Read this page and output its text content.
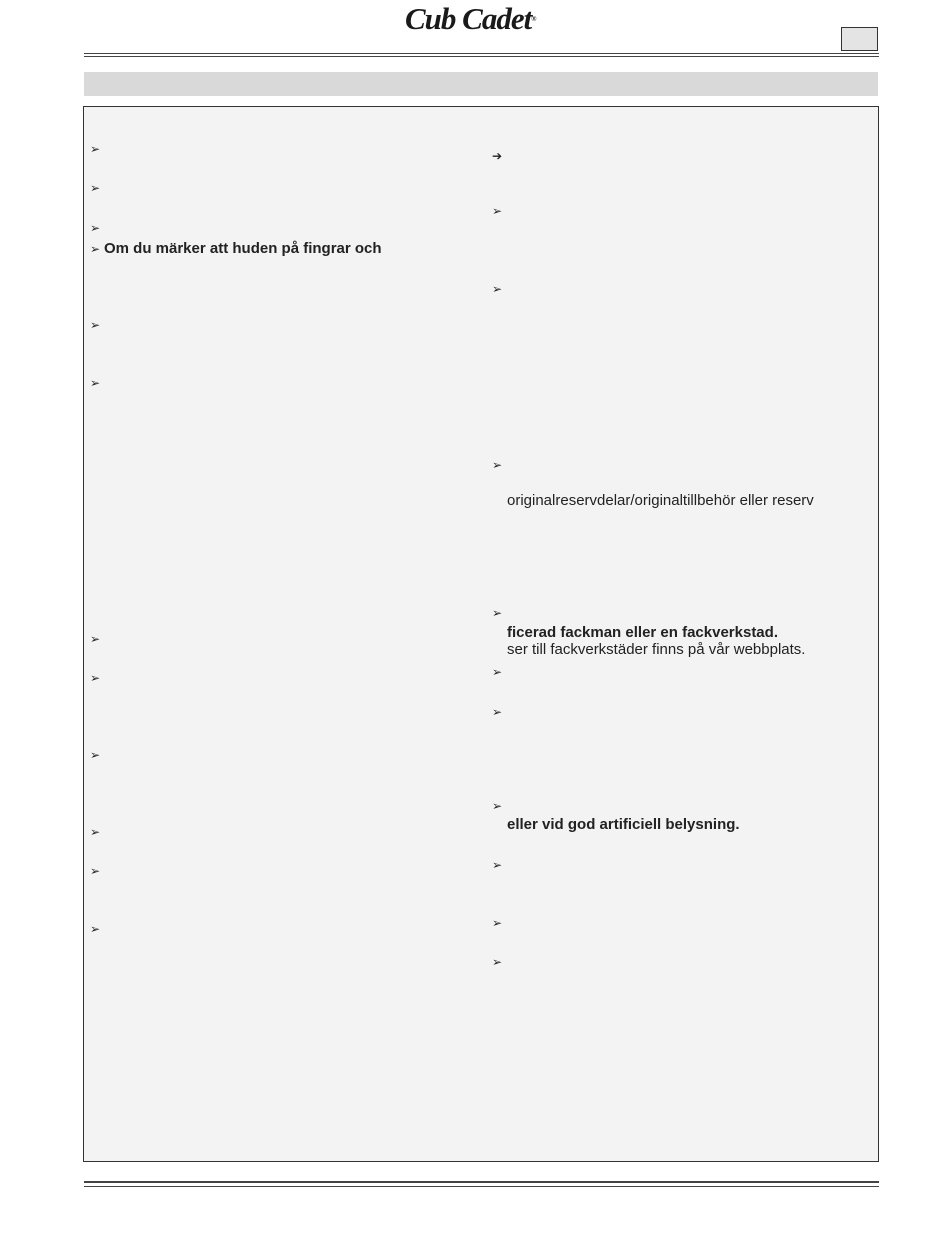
Cub Cadet®
➢
➢
➢
➢ Om du märker att huden på fingrar och
➢
➢
➢
➢
➢
➢
➢
➢
➔
➢
➢
➢
originalreservdelar/originaltillbehör eller reserv
➢
ficerad fackman eller en fackverkstad.
ser till fackverkstäder finns på vår webbplats.
➢
➢
➢
eller vid god artificiell belysning.
➢
➢
➢
